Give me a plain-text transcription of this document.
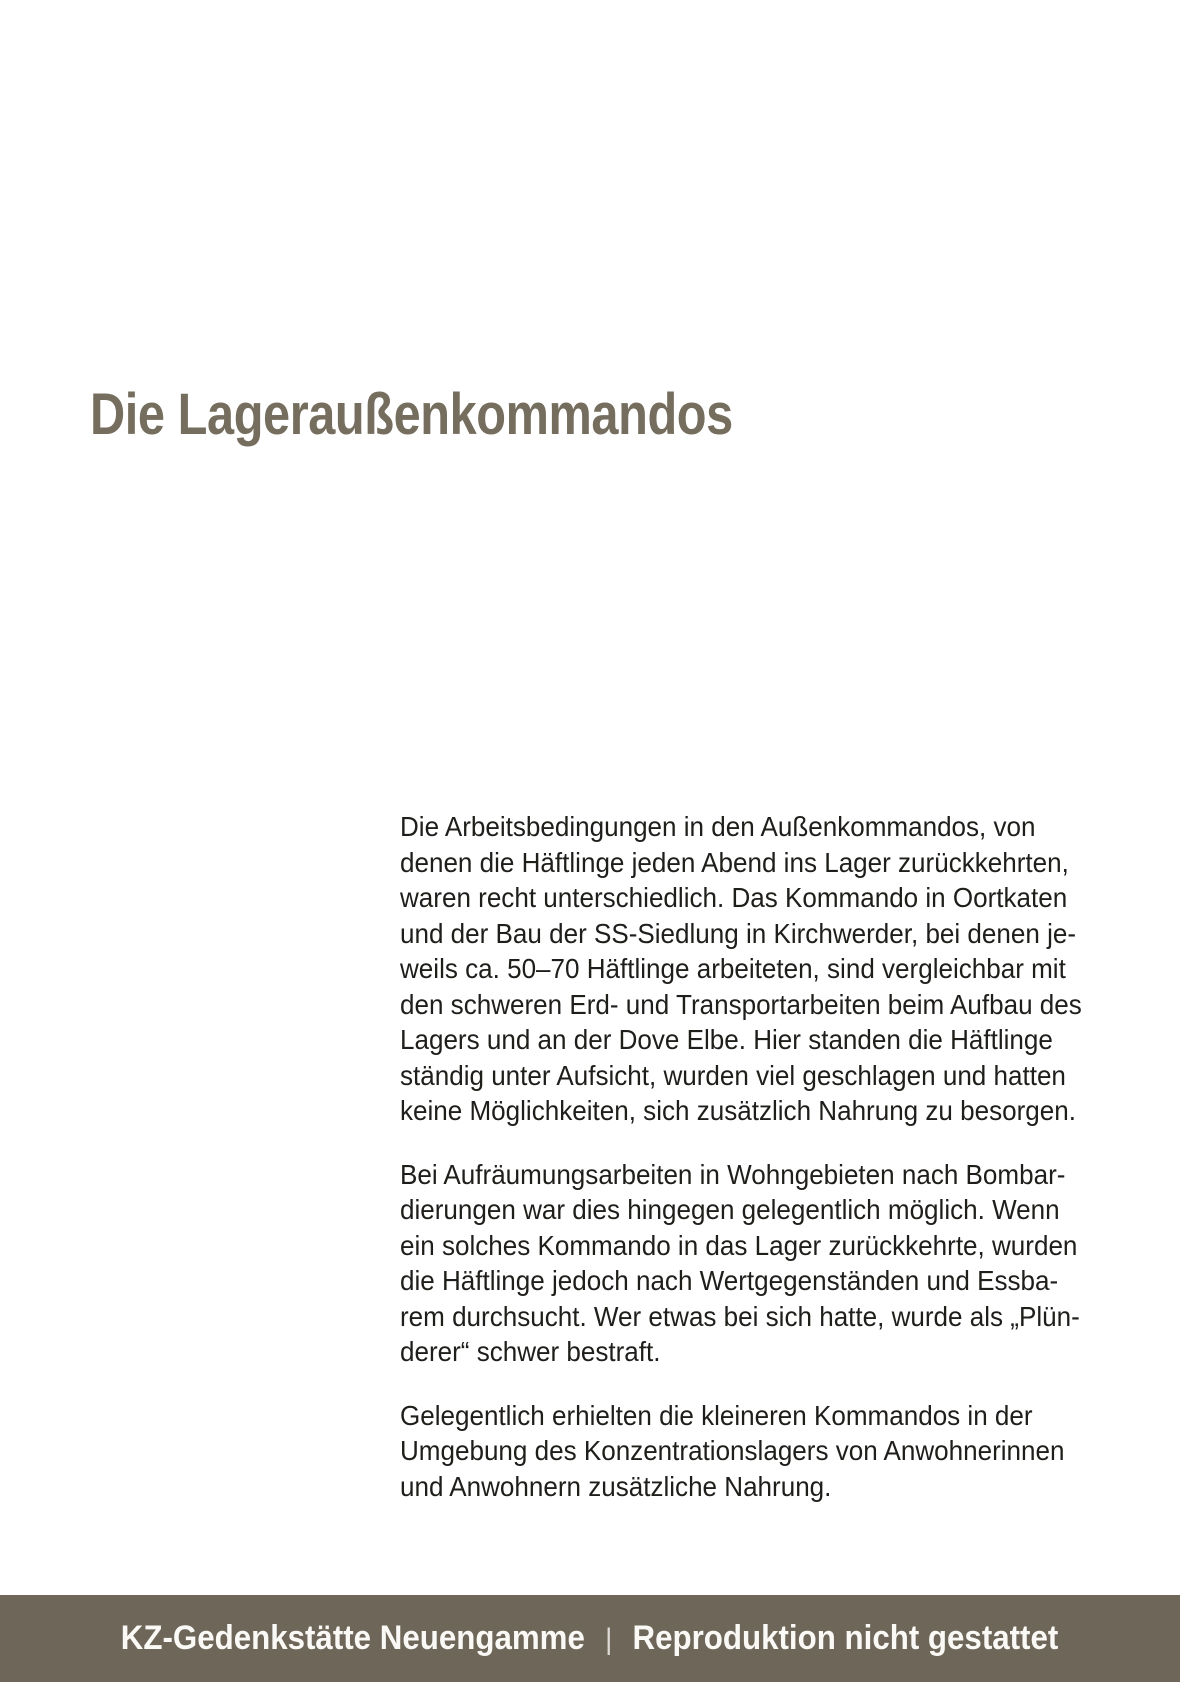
Die Lageraußenkommandos

Die Arbeitsbedingungen in den Außenkommandos, von
denen die Häftlinge jeden Abend ins Lager zurückkehrten,
waren recht unterschiedlich. Das Kommando in Oortkaten
und der Bau der SS-Siedlung in Kirchwerder, bei denen je-
weils ca. 50–70 Häftlinge arbeiteten, sind vergleichbar mit
den schweren Erd- und Transportarbeiten beim Aufbau des
Lagers und an der Dove Elbe. Hier standen die Häftlinge
ständig unter Aufsicht, wurden viel geschlagen und hatten
keine Möglichkeiten, sich zusätzlich Nahrung zu besorgen.

Bei Aufräumungsarbeiten in Wohngebieten nach Bombar-
dierungen war dies hingegen gelegentlich möglich. Wenn
ein solches Kommando in das Lager zurückkehrte, wurden
die Häftlinge jedoch nach Wertgegenständen und Essba-
rem durchsucht. Wer etwas bei sich hatte, wurde als „Plün-
derer“ schwer bestraft.

Gelegentlich erhielten die kleineren Kommandos in der
Umgebung des Konzentrationslagers von Anwohnerinnen
und Anwohnern zusätzliche Nahrung.

KZ-Gedenkstätte Neuengamme | Reproduktion nicht gestattet
